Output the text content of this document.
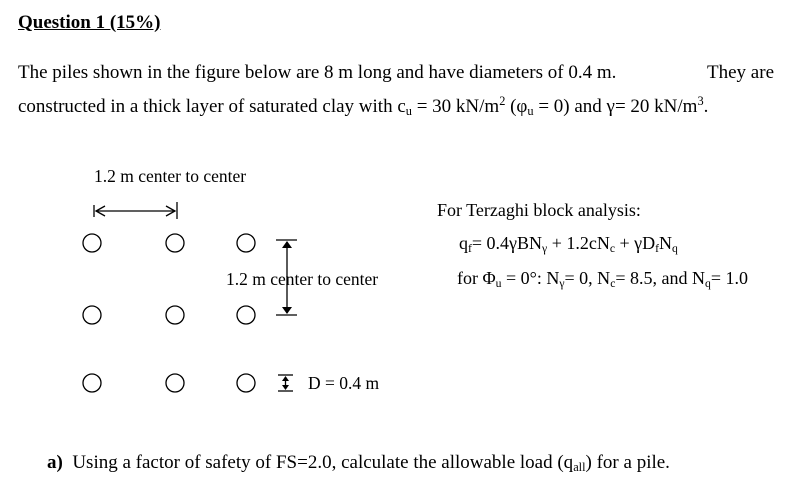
Question 1 (15%)
The piles shown in the figure below are 8 m long and have diameters of 0.4 m.	They are
constructed in a thick layer of saturated clay with $c_u = 30$ $kN/m^2$ $(\varphi_u = 0)$ and γ= 20 $kN/m^3$.
1.2 m center to center
1.2 m center to center
D = 0.4 m
For Terzaghi block analysis:
$q_f= 0.4\gamma BN_\gamma + 1.2cN_c + \gamma D_fN_q$
for $\Phi_u = 0^\circ$: $N_\gamma= 0$, $N_c= 8.5$, and $N_q= 1.0$
a) Using a factor of safety of FS=2.0, calculate the allowable load $(q_{all})$ for a pile.
